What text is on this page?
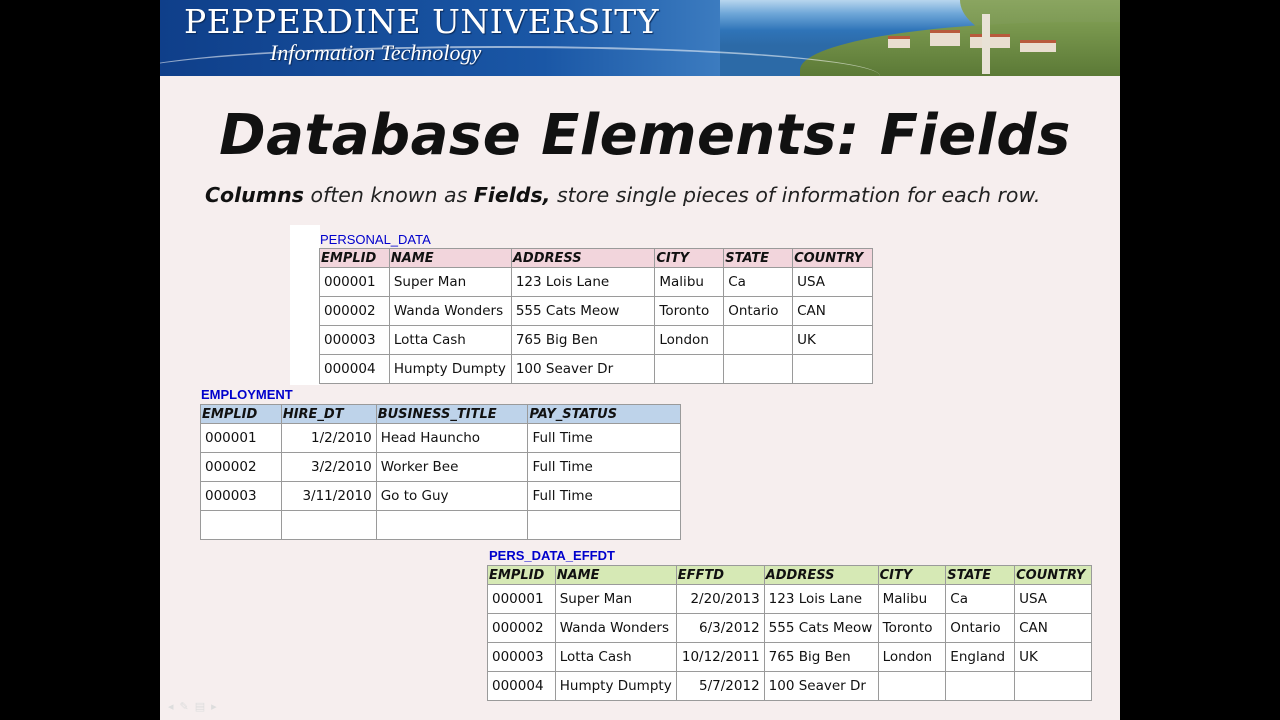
PEPPERDINE UNIVERSITY
Information Technology
Database Elements: Fields
Columns often known as Fields, store single pieces of information for each row.
PERSONAL_DATA
EMPLID	NAME	ADDRESS	CITY	STATE	COUNTRY
000001	Super Man	123 Lois Lane	Malibu	Ca	USA
000002	Wanda Wonders	555 Cats Meow	Toronto	Ontario	CAN
000003	Lotta Cash	765 Big Ben	London		UK
000004	Humpty Dumpty	100 Seaver Dr			
EMPLOYMENT
EMPLID	HIRE_DT	BUSINESS_TITLE	PAY_STATUS
000001	1/2/2010	Head Hauncho	Full Time
000002	3/2/2010	Worker Bee	Full Time
000003	3/11/2010	Go to Guy	Full Time

PERS_DATA_EFFDT
EMPLID	NAME	EFFTD	ADDRESS	CITY	STATE	COUNTRY
000001	Super Man	2/20/2013	123 Lois Lane	Malibu	Ca	USA
000002	Wanda Wonders	6/3/2012	555 Cats Meow	Toronto	Ontario	CAN
000003	Lotta Cash	10/12/2011	765 Big Ben	London	England	UK
000004	Humpty Dumpty	5/7/2012	100 Seaver Dr			
◂✎▤▸
